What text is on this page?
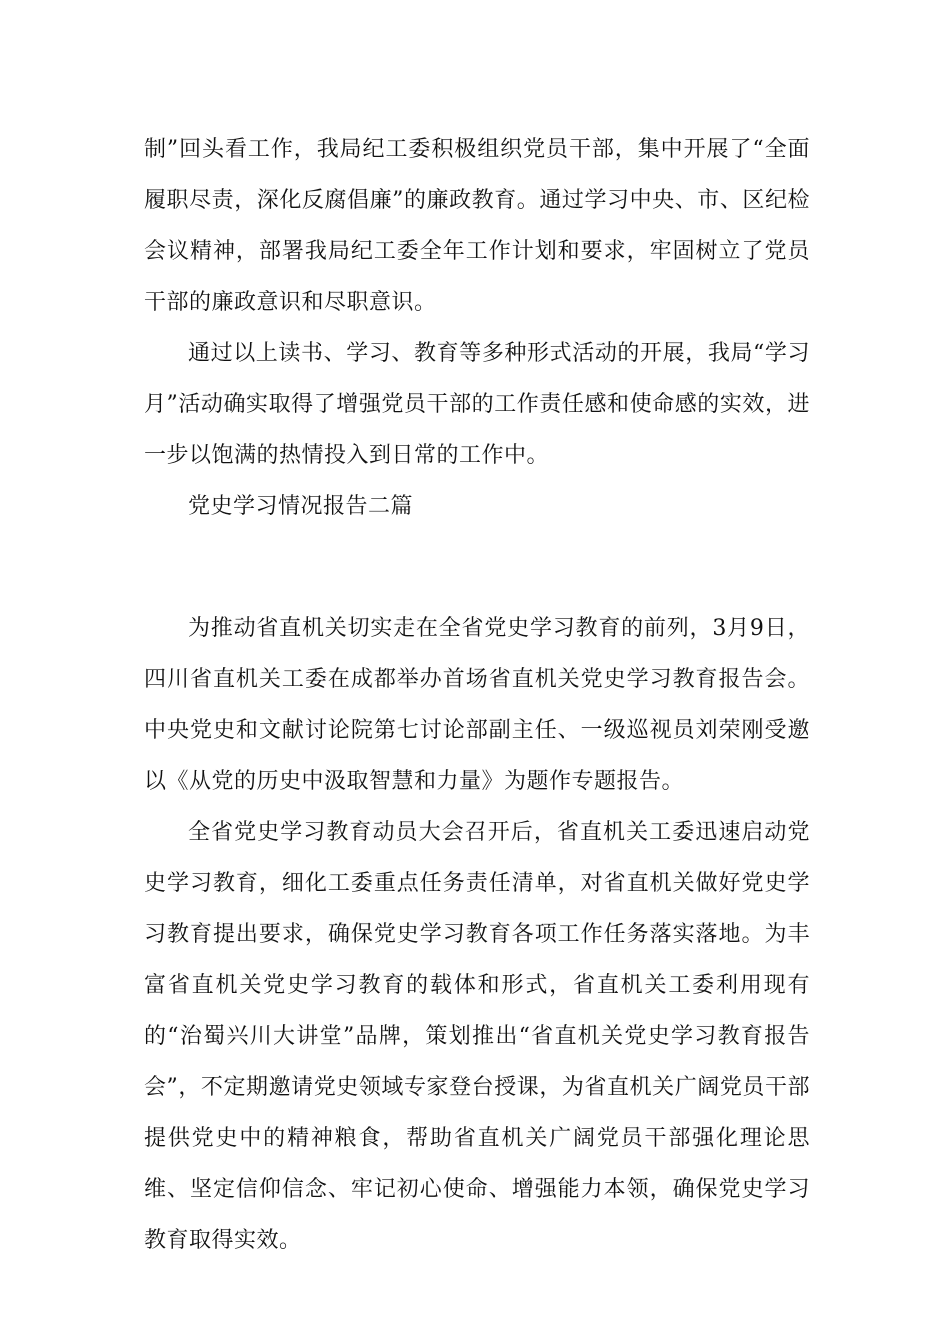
制”回头看工作，我局纪工委积极组织党员干部，集中开展了“全面履职尽责，深化反腐倡廉”的廉政教育。通过学习中央、市、区纪检会议精神，部署我局纪工委全年工作计划和要求，牢固树立了党员干部的廉政意识和尽职意识。

通过以上读书、学习、教育等多种形式活动的开展，我局“学习月”活动确实取得了增强党员干部的工作责任感和使命感的实效，进一步以饱满的热情投入到日常的工作中。

党史学习情况报告二篇

为推动省直机关切实走在全省党史学习教育的前列，3月9日，四川省直机关工委在成都举办首场省直机关党史学习教育报告会。中央党史和文献讨论院第七讨论部副主任、一级巡视员刘荣刚受邀以《从党的历史中汲取智慧和力量》为题作专题报告。

全省党史学习教育动员大会召开后，省直机关工委迅速启动党史学习教育，细化工委重点任务责任清单，对省直机关做好党史学习教育提出要求，确保党史学习教育各项工作任务落实落地。为丰富省直机关党史学习教育的载体和形式，省直机关工委利用现有的“治蜀兴川大讲堂”品牌，策划推出“省直机关党史学习教育报告会”，不定期邀请党史领域专家登台授课，为省直机关广阔党员干部提供党史中的精神粮食，帮助省直机关广阔党员干部强化理论思维、坚定信仰信念、牢记初心使命、增强能力本领，确保党史学习教育取得实效。
